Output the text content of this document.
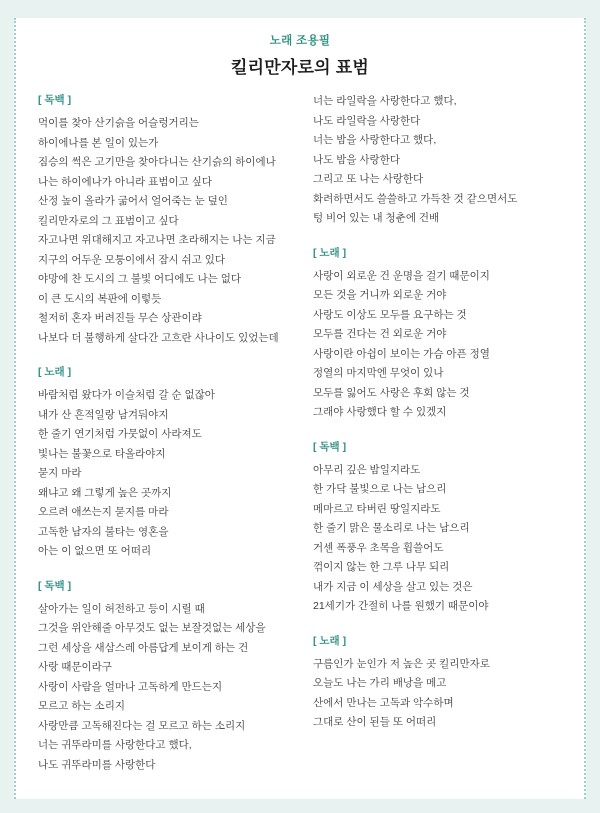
노래 조용필
킬리만자로의 표범
[ 독백 ]
먹이를 찾아 산기슭을 어슬렁거리는
하이에나를 본 일이 있는가
짐승의 썩은 고기만을 찾아다니는 산기슭의 하이에나
나는 하이에나가 아니라 표범이고 싶다
산정 높이 올라가 굶어서 얼어죽는 눈 덮인
킬리만자로의 그 표범이고 싶다
자고나면 위대해지고 자고나면 초라해지는 나는 지금
지구의 어두운 모퉁이에서 잠시 쉬고 있다
야망에 찬 도시의 그 불빛 어디에도 나는 없다
이 큰 도시의 복판에 이렇듯
철저히 혼자 버려진들 무슨 상관이랴
나보다 더 불행하게 살다간 고흐란 사나이도 있었는데
[ 노래 ]
바람처럼 왔다가 이슬처럼 갈 순 없잖아
내가 산 흔적일랑 남겨둬야지
한 줄기 연기처럼 가뭇없이 사라져도
빛나는 불꽃으로 타올라야지
묻지 마라
왜냐고 왜 그렇게 높은 곳까지
오르려 애쓰는지 묻지를 마라
고독한 남자의 불타는 영혼을
아는 이 없으면 또 어떠리
[ 독백 ]
살아가는 일이 허전하고 등이 시릴 때
그것을 위안해줄 아무것도 없는 보잘것없는 세상을
그런 세상을 새삼스레 아름답게 보이게 하는 건
사랑 때문이라구
사랑이 사람을 얼마나 고독하게 만드는지
모르고 하는 소리지
사랑만큼 고독해진다는 걸 모르고 하는 소리지
너는 귀뚜라미를 사랑한다고 했다,
나도 귀뚜라미를 사랑한다
너는 라일락을 사랑한다고 했다,
나도 라일락을 사랑한다
너는 밤을 사랑한다고 했다,
나도 밤을 사랑한다
그리고 또 나는 사랑한다
화려하면서도 쓸쓸하고 가득찬 것 같으면서도
텅 비어 있는 내 청춘에 건배
[ 노래 ]
사랑이 외로운 건 운명을 걸기 때문이지
모든 것을 거니까 외로운 거야
사랑도 이상도 모두를 요구하는 것
모두를 건다는 건 외로운 거야
사랑이란 아쉽이 보이는 가슴 아픈 정열
정열의 마지막엔 무엇이 있나
모두를 잃어도 사랑은 후회 않는 것
그래야 사랑했다 할 수 있겠지
[ 독백 ]
아무리 깊은 밤일지라도
한 가닥 불빛으로 나는 남으리
메마르고 타버린 땅일지라도
한 줄기 맑은 물소리로 나는 남으리
거센 폭풍우 초목을 휩쓸어도
꺾이지 않는 한 그루 나무 되리
내가 지금 이 세상을 살고 있는 것은
21세기가 간절히 나를 원했기 때문이야
[ 노래 ]
구름인가 눈인가 저 높은 곳 킬리만자로
오늘도 나는 가리 배낭을 메고
산에서 만나는 고독과 악수하며
그대로 산이 된들 또 어떠리
